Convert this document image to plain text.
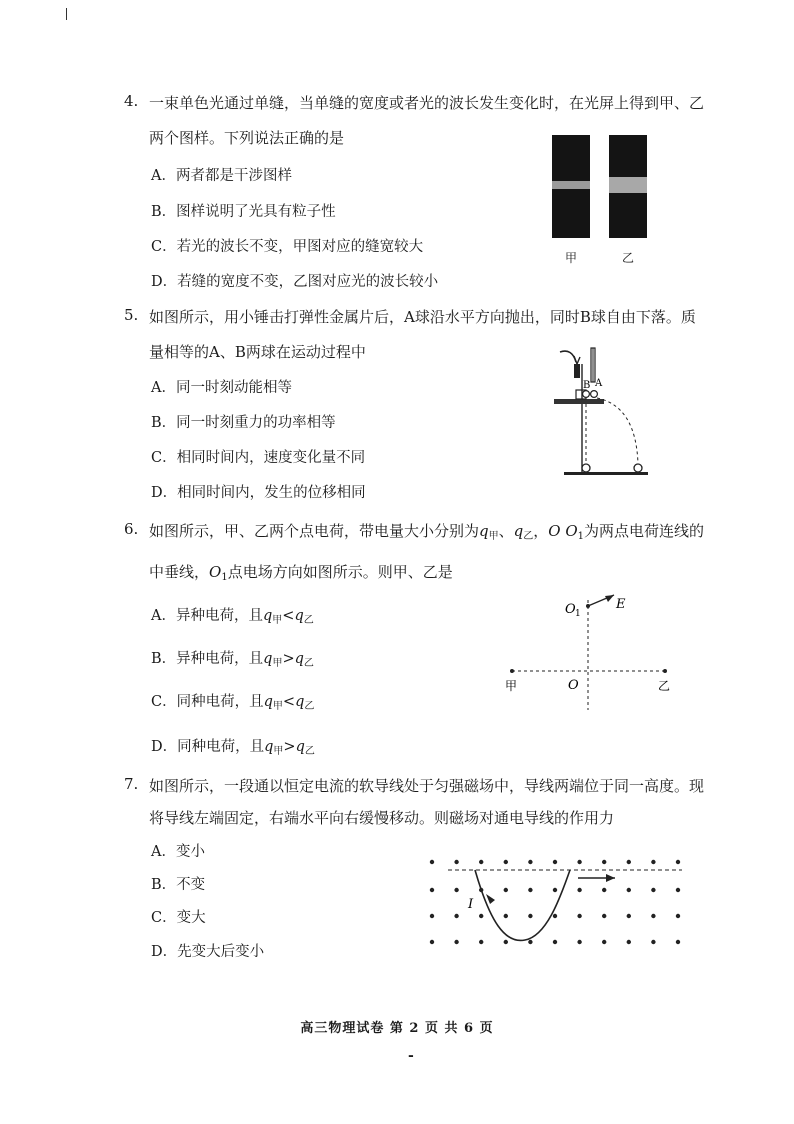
4. 一束单色光通过单缝，当单缝的宽度或者光的波长发生变化时，在光屏上得到甲、乙
两个图样。下列说法正确的是
A．两者都是干涉图样
B．图样说明了光具有粒子性
C．若光的波长不变，甲图对应的缝宽较大
D．若缝的宽度不变，乙图对应光的波长较小
甲	乙
5. 如图所示，用小锤击打弹性金属片后，A球沿水平方向抛出，同时B球自由下落。质
量相等的A、B两球在运动过程中
A．同一时刻动能相等
B．同一时刻重力的功率相等
C．相同时间内，速度变化量不同
D．相同时间内，发生的位移相同
B A
6. 如图所示，甲、乙两个点电荷，带电量大小分别为$q_甲$、$q_乙$，O $O_1$为两点电荷连线的
中垂线，$O_1$点电场方向如图所示。则甲、乙是
A．异种电荷，且$q_甲<q_乙$
B．异种电荷，且$q_甲>q_乙$
C．同种电荷，且$q_甲<q_乙$
D．同种电荷，且$q_甲>q_乙$
O 1
E
O
甲	乙
7. 如图所示，一段通以恒定电流的软导线处于匀强磁场中，导线两端位于同一高度。现
将导线左端固定，右端水平向右缓慢移动。则磁场对通电导线的作用力
A．变小
B．不变
C．变大
D．先变大后变小
I
高三物理试卷 第 2 页 共 6 页
-
